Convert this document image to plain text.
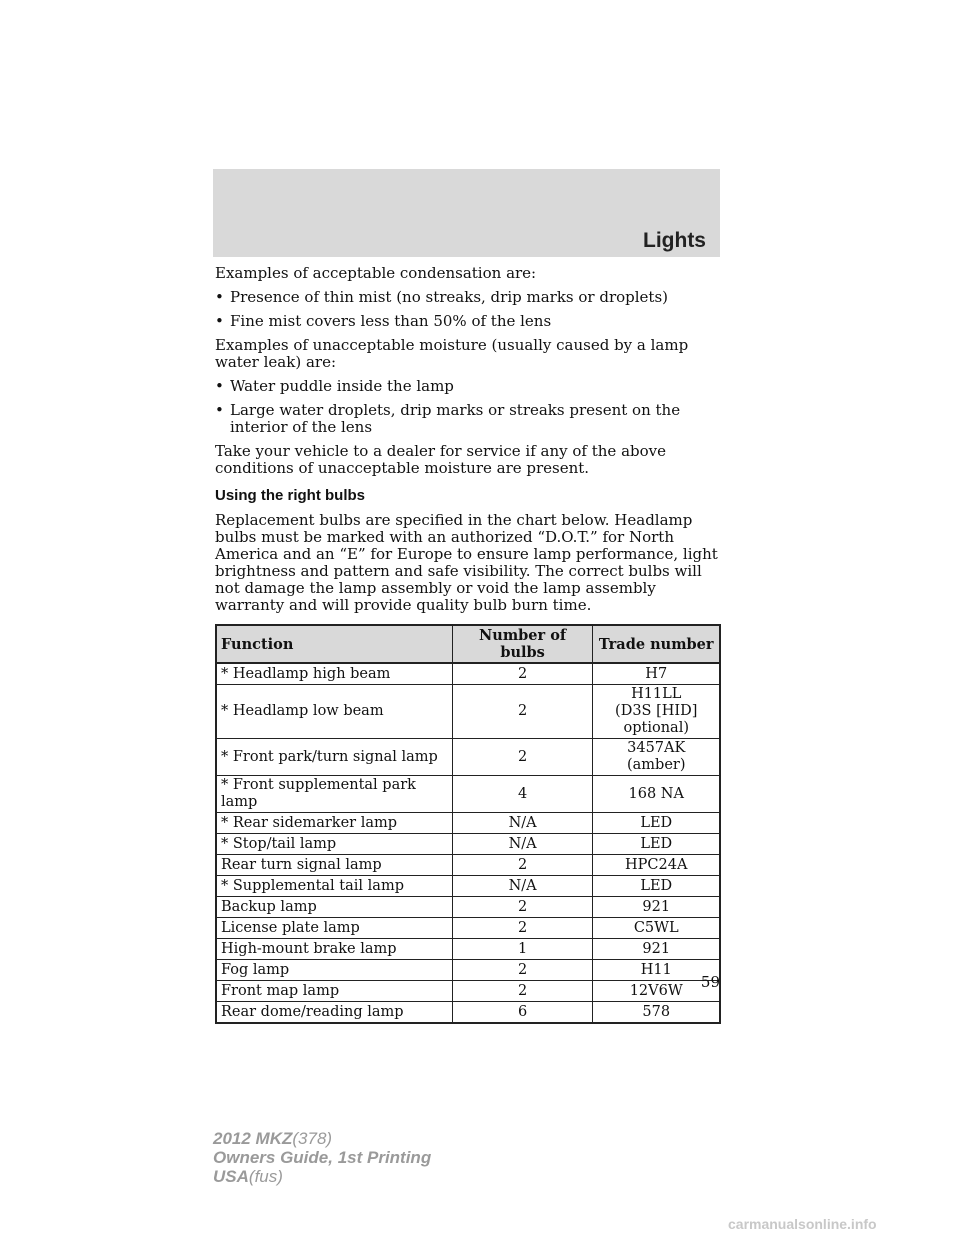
Lights

Examples of acceptable condensation are:

• Presence of thin mist (no streaks, drip marks or droplets)
• Fine mist covers less than 50% of the lens

Examples of unacceptable moisture (usually caused by a lamp water leak) are:

• Water puddle inside the lamp
• Large water droplets, drip marks or streaks present on the interior of the lens

Take your vehicle to a dealer for service if any of the above conditions of unacceptable moisture are present.

Using the right bulbs

Replacement bulbs are specified in the chart below. Headlamp bulbs must be marked with an authorized “D.O.T.” for North America and an “E” for Europe to ensure lamp performance, light brightness and pattern and safe visibility. The correct bulbs will not damage the lamp assembly or void the lamp assembly warranty and will provide quality bulb burn time.

Function	Number of bulbs	Trade number
* Headlamp high beam	2	H7
* Headlamp low beam	2	H11LL
(D3S [HID]
optional)

* Front park/turn signal lamp	2	3457AK (amber)
* Front supplemental park lamp	4	168 NA
* Rear sidemarker lamp	N/A	LED
* Stop/tail lamp	N/A	LED
Rear turn signal lamp	2	HPC24A
* Supplemental tail lamp	N/A	LED
Backup lamp	2	921
License plate lamp	2	C5WL
High-mount brake lamp	1	921
Fog lamp	2	H11
Front map lamp	2	12V6W
Rear dome/reading lamp	6	578
59
2012 MKZ(378)
Owners Guide, 1st Printing
USA(fus)
carmanualsonline.info
